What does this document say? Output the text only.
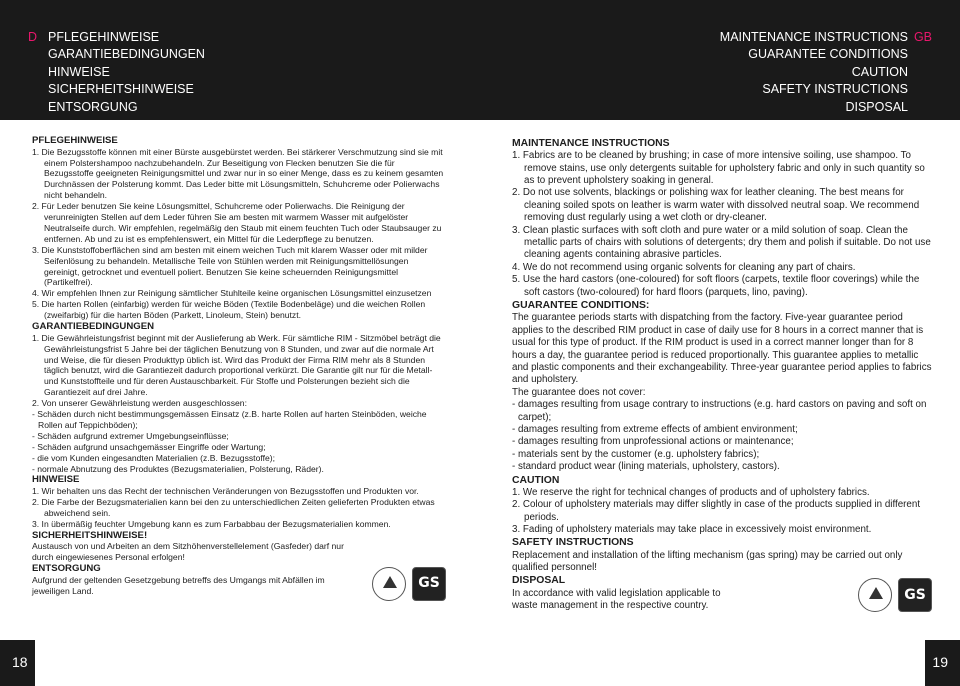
D PFLEGEHINWEISE
GARANTIEBEDINGUNGEN
HINWEISE
SICHERHEITSHINWEISE
ENTSORGUNG
MAINTENANCE INSTRUCTIONS GB
GUARANTEE CONDITIONS
CAUTION
SAFETY INSTRUCTIONS
DISPOSAL

PFLEGEHINWEISE

1. Die Bezugsstoffe können mit einer Bürste ausgebürstet werden. Bei stärkerer Verschmutzung sind sie mit einem Polstershampoo nachzubehandeln. Zur Beseitigung von Flecken benutzen Sie die für Bezugsstoffe geeigneten Reinigungsmittel und zwar nur in so einer Menge, dass es zu keinem gesamten Durchnässen der Polsterung kommt. Das Leder bitte mit Lösungsmitteln, Schuhcreme oder Polierwachs nicht behandeln.

2. Für Leder benutzen Sie keine Lösungsmittel, Schuhcreme oder Polierwachs. Die Reinigung der verunreinigten Stellen auf dem Leder führen Sie am besten mit warmem Wasser mit aufgelöster Neutralseife durch. Wir empfehlen, regelmäßig den Staub mit einem feuchten Tuch oder Staubsauger zu entfernen. Ab und zu ist es empfehlenswert, ein Mittel für die Lederpflege zu benutzen.

3. Die Kunststoffoberflächen sind am besten mit einem weichen Tuch mit klarem Wasser oder mit milder Seifenlösung zu behandeln. Metallische Teile von Stühlen werden mit Reinigungsmittellösungen gereinigt, getrocknet und eventuell poliert. Benutzen Sie keine scheuernden Reinigungsmittel (Partikelfrei).

4. Wir empfehlen Ihnen zur Reinigung sämtlicher Stuhlteile keine organischen Lösungsmittel einzusetzen

5. Die harten Rollen (einfarbig) werden für weiche Böden (Textile Bodenbeläge) und die weichen Rollen (zweifarbig) für die harten Böden (Parkett, Linoleum, Stein) benutzt.

GARANTIEBEDINGUNGEN

1. Die Gewährleistungsfrist beginnt mit der Auslieferung ab Werk. Für sämtliche RIM - Sitzmöbel beträgt die Gewährleistungsfrist 5 Jahre bei der täglichen Benutzung von 8 Stunden, und zwar auf die normale Art und Weise, die für diesen Produkttyp üblich ist. Wird das Produkt der Firma RIM mehr als 8 Stunden täglich benutzt, wird die Garantiezeit dadurch proportional verkürzt. Die Garantie gilt nur für die Metall- und Kunststoffteile und für deren Austauschbarkeit. Für Stoffe und Polsterungen bezieht sich die Garantiezeit auf drei Jahre.

2. Von unserer Gewährleistung werden ausgeschlossen:

- Schäden durch nicht bestimmungsgemässen Einsatz (z.B. harte Rollen auf harten Steinböden, weiche Rollen auf Teppichböden);

- Schäden aufgrund extremer Umgebungseinflüsse;

- Schäden aufgrund unsachgemässer Eingriffe oder Wartung;

- die vom Kunden eingesandten Materialien (z.B. Bezugsstoffe);

- normale Abnutzung des Produktes (Bezugsmaterialien, Polsterung, Räder).

HINWEISE

1. Wir behalten uns das Recht der technischen Veränderungen von Bezugsstoffen und Produkten vor.

2. Die Farbe der Bezugsmaterialien kann bei den zu unterschiedlichen Zeiten gelieferten Produkten etwas abweichend sein.

3. In übermäßig feuchter Umgebung kann es zum Farbabbau der Bezugsmaterialien kommen.

SICHERHEITSHINWEISE!

Austausch von und Arbeiten an dem Sitzhöhenverstellelement (Gasfeder) darf nur durch eingewiesenes Personal erfolgen!

ENTSORGUNG

Aufgrund der geltenden Gesetzgebung betreffs des Umgangs mit Abfällen im jeweiligen Land.	GS

MAINTENANCE INSTRUCTIONS

1. Fabrics are to be cleaned by brushing; in case of more intensive soiling, use shampoo. To remove stains, use only detergents suitable for upholstery fabric and only in such quantity so as to prevent upholstery soaking in general.

2. Do not use solvents, blackings or polishing wax for leather cleaning. The best means for cleaning soiled spots on leather is warm water with dissolved neutral soap. We recommend removing dust regularly using a wet cloth or dry-cleaner.

3. Clean plastic surfaces with soft cloth and pure water or a mild solution of soap. Clean the metallic parts of chairs with solutions of detergents; dry them and polish if suitable. Do not use cleaning agents containing abrasive particles.

4. We do not recommend using organic solvents for cleaning any part of chairs.

5. Use the hard castors (one-coloured) for soft floors (carpets, textile floor coverings) while the soft castors (two-coloured) for hard floors (parquets, lino, paving).

GUARANTEE CONDITIONS:

The guarantee periods starts with dispatching from the factory. Five-year guarantee period applies to the described RIM product in case of daily use for 8 hours in a correct manner that is usual for this type of product. If the RIM product is used in a correct manner longer than for 8 hours a day, the guarantee period is reduced proportionally. This guarantee applies to metallic and plastic components and their exchangeability. Three-year guarantee period applies to fabrics and upholstery.

The guarantee does not cover:

- damages resulting from usage contrary to instructions (e.g. hard castors on paving and soft on carpet);

- damages resulting from extreme effects of ambient environment;

- damages resulting from unprofessional actions or maintenance;

- materials sent by the customer (e.g. upholstery fabrics);

- standard product wear (lining materials, upholstery, castors).

CAUTION

1. We reserve the right for technical changes of products and of upholstery fabrics.

2. Colour of upholstery materials may differ slightly in case of the products supplied in different periods.

3. Fading of upholstery materials may take place in excessively moist environment.

SAFETY INSTRUCTIONS

Replacement and installation of the lifting mechanism (gas spring) may be carried out only qualified personnel!

DISPOSAL

In accordance with valid legislation applicable to waste management in the respective country.

GS
18	19
